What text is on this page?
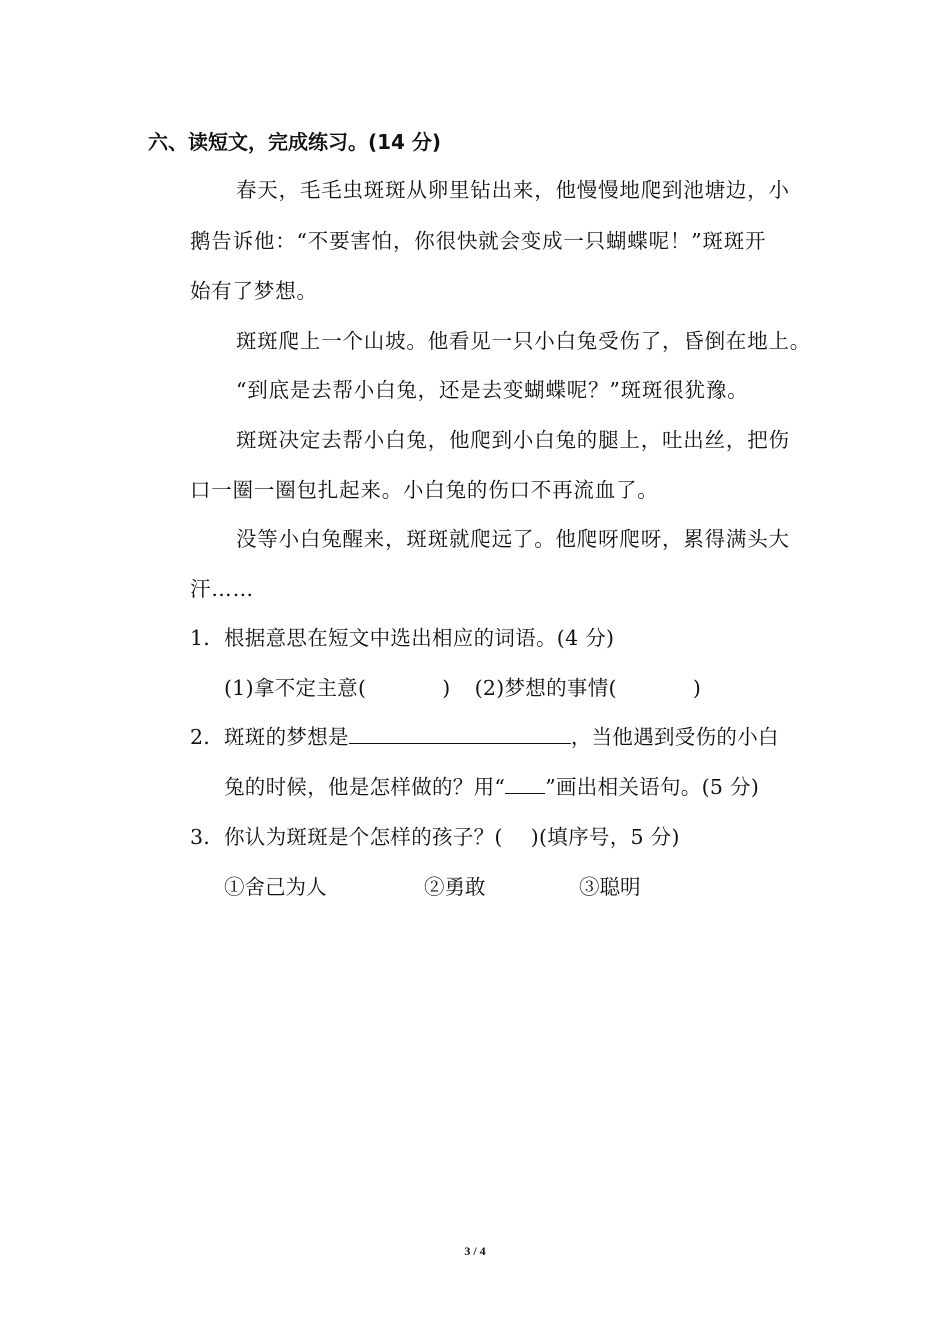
六、读短文，完成练习。(14 分)
春天，毛毛虫斑斑从卵里钻出来，他慢慢地爬到池塘边，小
鹅告诉他：“不要害怕，你很快就会变成一只蝴蝶呢！”斑斑开
始有了梦想。
斑斑爬上一个山坡。他看见一只小白兔受伤了，昏倒在地上。
“到底是去帮小白兔，还是去变蝴蝶呢？”斑斑很犹豫。
斑斑决定去帮小白兔，他爬到小白兔的腿上，吐出丝，把伤
口一圈一圈包扎起来。小白兔的伤口不再流血了。
没等小白兔醒来，斑斑就爬远了。他爬呀爬呀，累得满头大
汗……
1．根据意思在短文中选出相应的词语。(4 分)
(1)拿不定主意(	) (2)梦想的事情(	)
2．斑斑的梦想是	，当他遇到受伤的小白
兔的时候，他是怎样做的？用“ ”画出相关语句。(5 分)
3．你认为斑斑是个怎样的孩子？( )(填序号，5 分)
①舍己为人	②勇敢	③聪明
3 / 4
